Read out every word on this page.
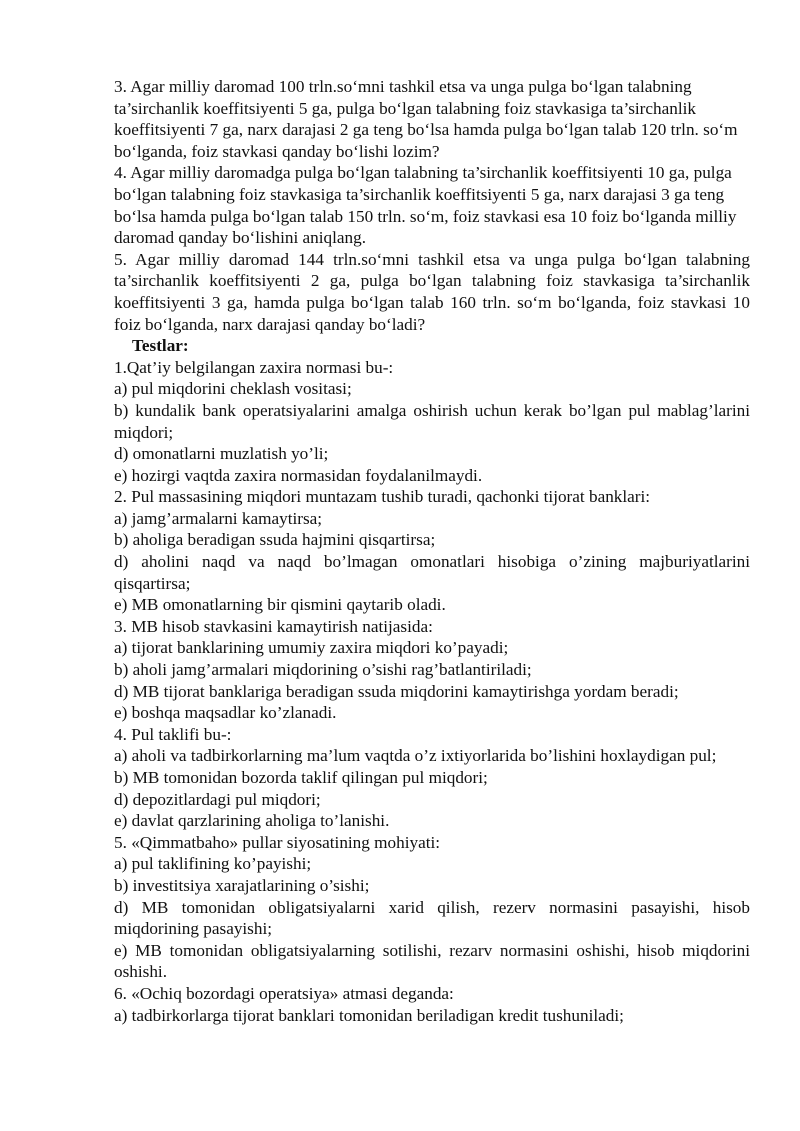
3. Agar milliy daromad 100 trln.so‘mni tashkil etsa va unga pulga bo‘lgan talabning ta’sirchanlik koeffitsiyenti 5 ga, pulga bo‘lgan talabning foiz stavkasiga ta’sirchanlik koeffitsiyenti 7 ga, narx darajasi 2 ga teng bo‘lsa hamda pulga bo‘lgan talab 120 trln. so‘m bo‘lganda, foiz stavkasi qanday bo‘lishi lozim?

4. Agar milliy daromadga pulga bo‘lgan talabning ta’sirchanlik koeffitsiyenti 10 ga, pulga bo‘lgan talabning foiz stavkasiga ta’sirchanlik koeffitsiyenti 5 ga, narx darajasi 3 ga teng bo‘lsa hamda pulga bo‘lgan talab 150 trln. so‘m, foiz stavkasi esa 10 foiz bo‘lganda milliy daromad qanday bo‘lishini aniqlang.

5. Agar milliy daromad 144 trln.so‘mni tashkil etsa va unga pulga bo‘lgan talabning ta’sirchanlik koeffitsiyenti 2 ga, pulga bo‘lgan talabning foiz stavkasiga ta’sirchanlik koeffitsiyenti 3 ga, hamda pulga bo‘lgan talab 160 trln. so‘m bo‘lganda, foiz stavkasi 10 foiz bo‘lganda, narx darajasi qanday bo‘ladi?

Testlar:

1.Qat’iy belgilangan zaxira normasi bu-:

a) pul miqdorini cheklash vositasi;

b) kundalik bank operatsiyalarini amalga oshirish uchun kerak bo’lgan pul mablag’larini miqdori;

d) omonatlarni muzlatish yo’li;

e) hozirgi vaqtda zaxira normasidan foydalanilmaydi.

2. Pul massasining miqdori muntazam tushib turadi, qachonki tijorat banklari:

a) jamg’armalarni kamaytirsa;

b) aholiga beradigan ssuda hajmini qisqartirsa;

d) aholini naqd va naqd bo’lmagan omonatlari hisobiga o’zining majburiyatlarini qisqartirsa;

e) MB omonatlarning bir qismini qaytarib oladi.

3. MB hisob stavkasini kamaytirish natijasida:

a) tijorat banklarining umumiy zaxira miqdori ko’payadi;

b) aholi jamg’armalari miqdorining o’sishi rag’batlantiriladi;

d) MB tijorat banklariga beradigan ssuda miqdorini kamaytirishga yordam beradi;

e) boshqa maqsadlar ko’zlanadi.

4. Pul taklifi bu-:

a) aholi va tadbirkorlarning ma’lum vaqtda o’z ixtiyorlarida bo’lishini hoxlaydigan pul;

b) MB tomonidan bozorda taklif qilingan pul miqdori;

d) depozitlardagi pul miqdori;

e) davlat qarzlarining aholiga to’lanishi.

5. «Qimmatbaho» pullar siyosatining mohiyati:

a) pul taklifining ko’payishi;

b) investitsiya xarajatlarining o’sishi;

d) MB tomonidan obligatsiyalarni xarid qilish, rezerv normasini pasayishi, hisob miqdorining pasayishi;

e) MB tomonidan obligatsiyalarning sotilishi, rezarv normasini oshishi, hisob miqdorini oshishi.

6. «Ochiq bozordagi operatsiya» atmasi deganda:

a) tadbirkorlarga tijorat banklari tomonidan beriladigan kredit tushuniladi;
